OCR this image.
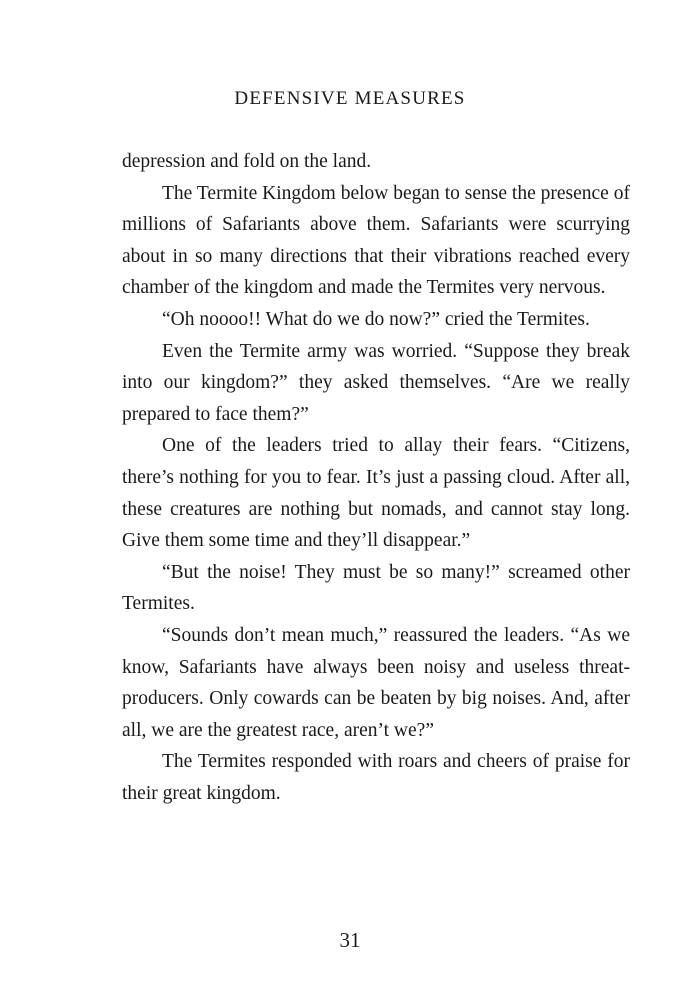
DEFENSIVE MEASURES

depression and fold on the land.

The Termite Kingdom below began to sense the presence of millions of Safariants above them. Safariants were scurrying about in so many directions that their vibrations reached every chamber of the kingdom and made the Termites very nervous.

“Oh noooo!! What do we do now?” cried the Termites.

Even the Termite army was worried. “Suppose they break into our kingdom?” they asked themselves. “Are we really prepared to face them?”

One of the leaders tried to allay their fears. “Citizens, there’s nothing for you to fear. It’s just a passing cloud. After all, these creatures are nothing but nomads, and cannot stay long. Give them some time and they’ll disappear.”

“But the noise! They must be so many!” screamed other Termites.

“Sounds don’t mean much,” reassured the leaders. “As we know, Safariants have always been noisy and useless threat-producers. Only cowards can be beaten by big noises. And, after all, we are the greatest race, aren’t we?”

The Termites responded with roars and cheers of praise for their great kingdom.

31
